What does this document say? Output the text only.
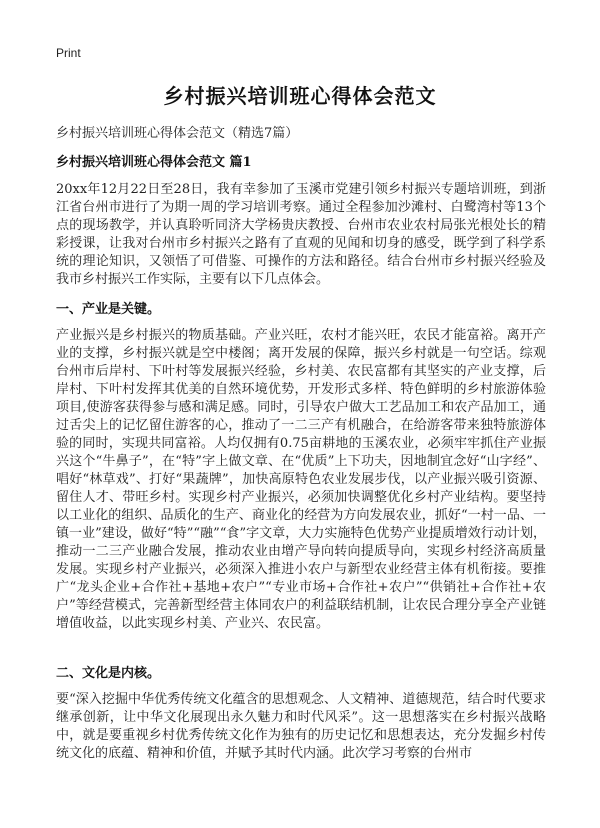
Print
乡村振兴培训班心得体会范文
乡村振兴培训班心得体会范文（精选7篇）
乡村振兴培训班心得体会范文 篇1
20xx年12月22日至28日，我有幸参加了玉溪市党建引领乡村振兴专题培训班，到浙江省台州市进行了为期一周的学习培训考察。通过全程参加沙滩村、白鹭湾村等13个点的现场教学，并认真聆听同济大学杨贵庆教授、台州市农业农村局张光根处长的精彩授课，让我对台州市乡村振兴之路有了直观的见闻和切身的感受，既学到了科学系统的理论知识，又领悟了可借鉴、可操作的方法和路径。结合台州市乡村振兴经验及我市乡村振兴工作实际，主要有以下几点体会。
一、产业是关键。
产业振兴是乡村振兴的物质基础。产业兴旺，农村才能兴旺，农民才能富裕。离开产业的支撑，乡村振兴就是空中楼阁；离开发展的保障，振兴乡村就是一句空话。综观台州市后岸村、下叶村等发展振兴经验，乡村美、农民富都有其坚实的产业支撑，后岸村、下叶村发挥其优美的自然环境优势，开发形式多样、特色鲜明的乡村旅游体验项目,使游客获得参与感和满足感。同时，引导农户做大工艺品加工和农产品加工，通过舌尖上的记忆留住游客的心，推动了一二三产有机融合，在给游客带来独特旅游体验的同时，实现共同富裕。人均仅拥有0.75亩耕地的玉溪农业，必须牢牢抓住产业振兴这个“牛鼻子”，在“特”字上做文章、在“优质”上下功夫，因地制宜念好“山字经”、唱好“林草戏”、打好“果蔬牌”，加快高原特色农业发展步伐，以产业振兴吸引资源、留住人才、带旺乡村。实现乡村产业振兴，必须加快调整优化乡村产业结构。要坚持以工业化的组织、品质化的生产、商业化的经营为方向发展农业，抓好“一村一品、一镇一业”建设，做好“特”“融”“食”字文章，大力实施特色优势产业提质增效行动计划，推动一二三产业融合发展，推动农业由增产导向转向提质导向，实现乡村经济高质量发展。实现乡村产业振兴，必须深入推进小农户与新型农业经营主体有机衔接。要推广“龙头企业+合作社+基地+农户”“专业市场+合作社+农户”“供销社+合作社+农户”等经营模式，完善新型经营主体同农户的利益联结机制，让农民合理分享全产业链增值收益，以此实现乡村美、产业兴、农民富。
二、文化是内核。
要“深入挖掘中华优秀传统文化蕴含的思想观念、人文精神、道德规范，结合时代要求继承创新，让中华文化展现出永久魅力和时代风采”。这一思想落实在乡村振兴战略中，就是要重视乡村优秀传统文化作为独有的历史记忆和思想表达，充分发掘乡村传统文化的底蕴、精神和价值，并赋予其时代内涵。此次学习考察的台州市
